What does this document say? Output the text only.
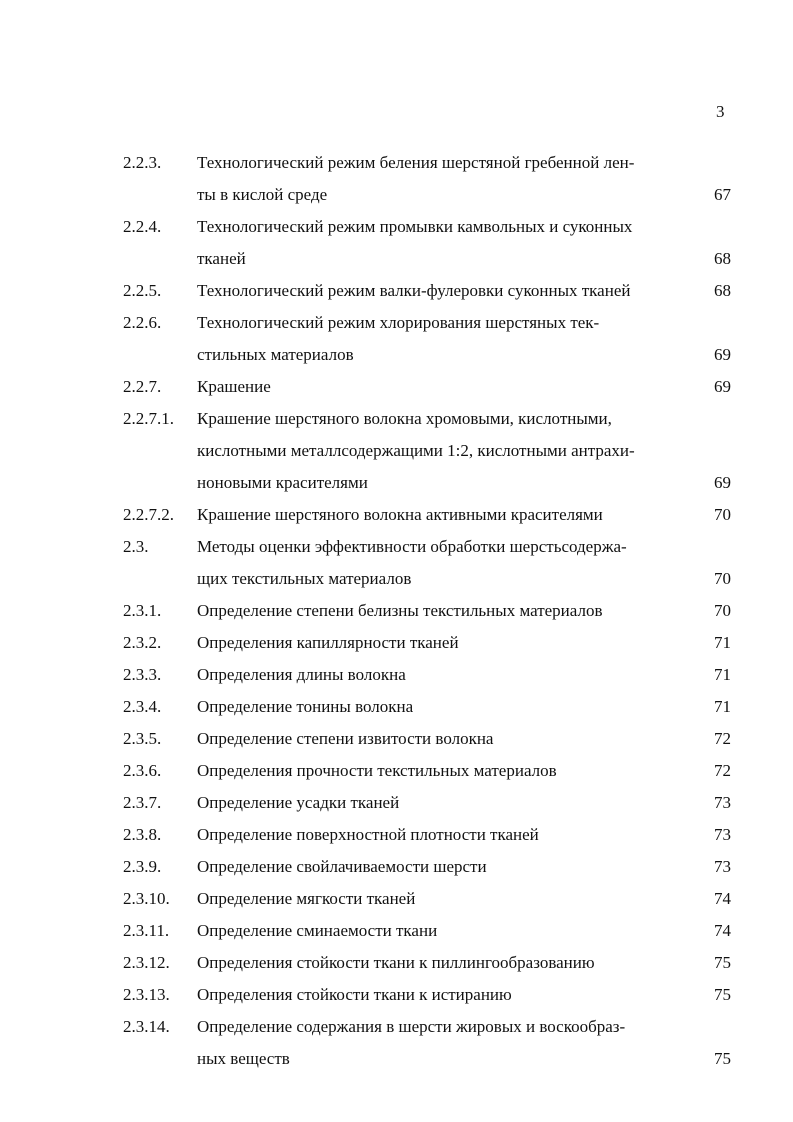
3
2.2.3. Технологический режим беления шерстяной гребенной лен-
ты в кислой среде	67
2.2.4. Технологический режим промывки камвольных и суконных
тканей	68
2.2.5. Технологический режим валки-фулеровки суконных тканей	68
2.2.6. Технологический режим хлорирования шерстяных тек-
стильных материалов	69
2.2.7. Крашение	69
2.2.7.1. Крашение шерстяного волокна хромовыми, кислотными,
кислотными металлсодержащими 1:2, кислотными антрахи-
ноновыми красителями	69
2.2.7.2. Крашение шерстяного волокна активными красителями	70
2.3.	Методы оценки эффективности обработки шерстьсодержа-
щих текстильных материалов	70
2.3.1. Определение степени белизны текстильных материалов	70
2.3.2. Определения капиллярности тканей	71
2.3.3. Определения длины волокна	71
2.3.4. Определение тонины волокна	71
2.3.5. Определение степени извитости волокна	72
2.3.6. Определения прочности текстильных материалов	72
2.3.7. Определение усадки тканей	73
2.3.8. Определение поверхностной плотности тканей	73
2.3.9. Определение свойлачиваемости шерсти	73
2.3.10. Определение мягкости тканей	74
2.3.11. Определение сминаемости ткани	74
2.3.12. Определения стойкости ткани к пиллингообразованию	75
2.3.13. Определения стойкости ткани к истиранию	75
2.3.14. Определение содержания в шерсти жировых и воскообраз-
ных веществ	75
